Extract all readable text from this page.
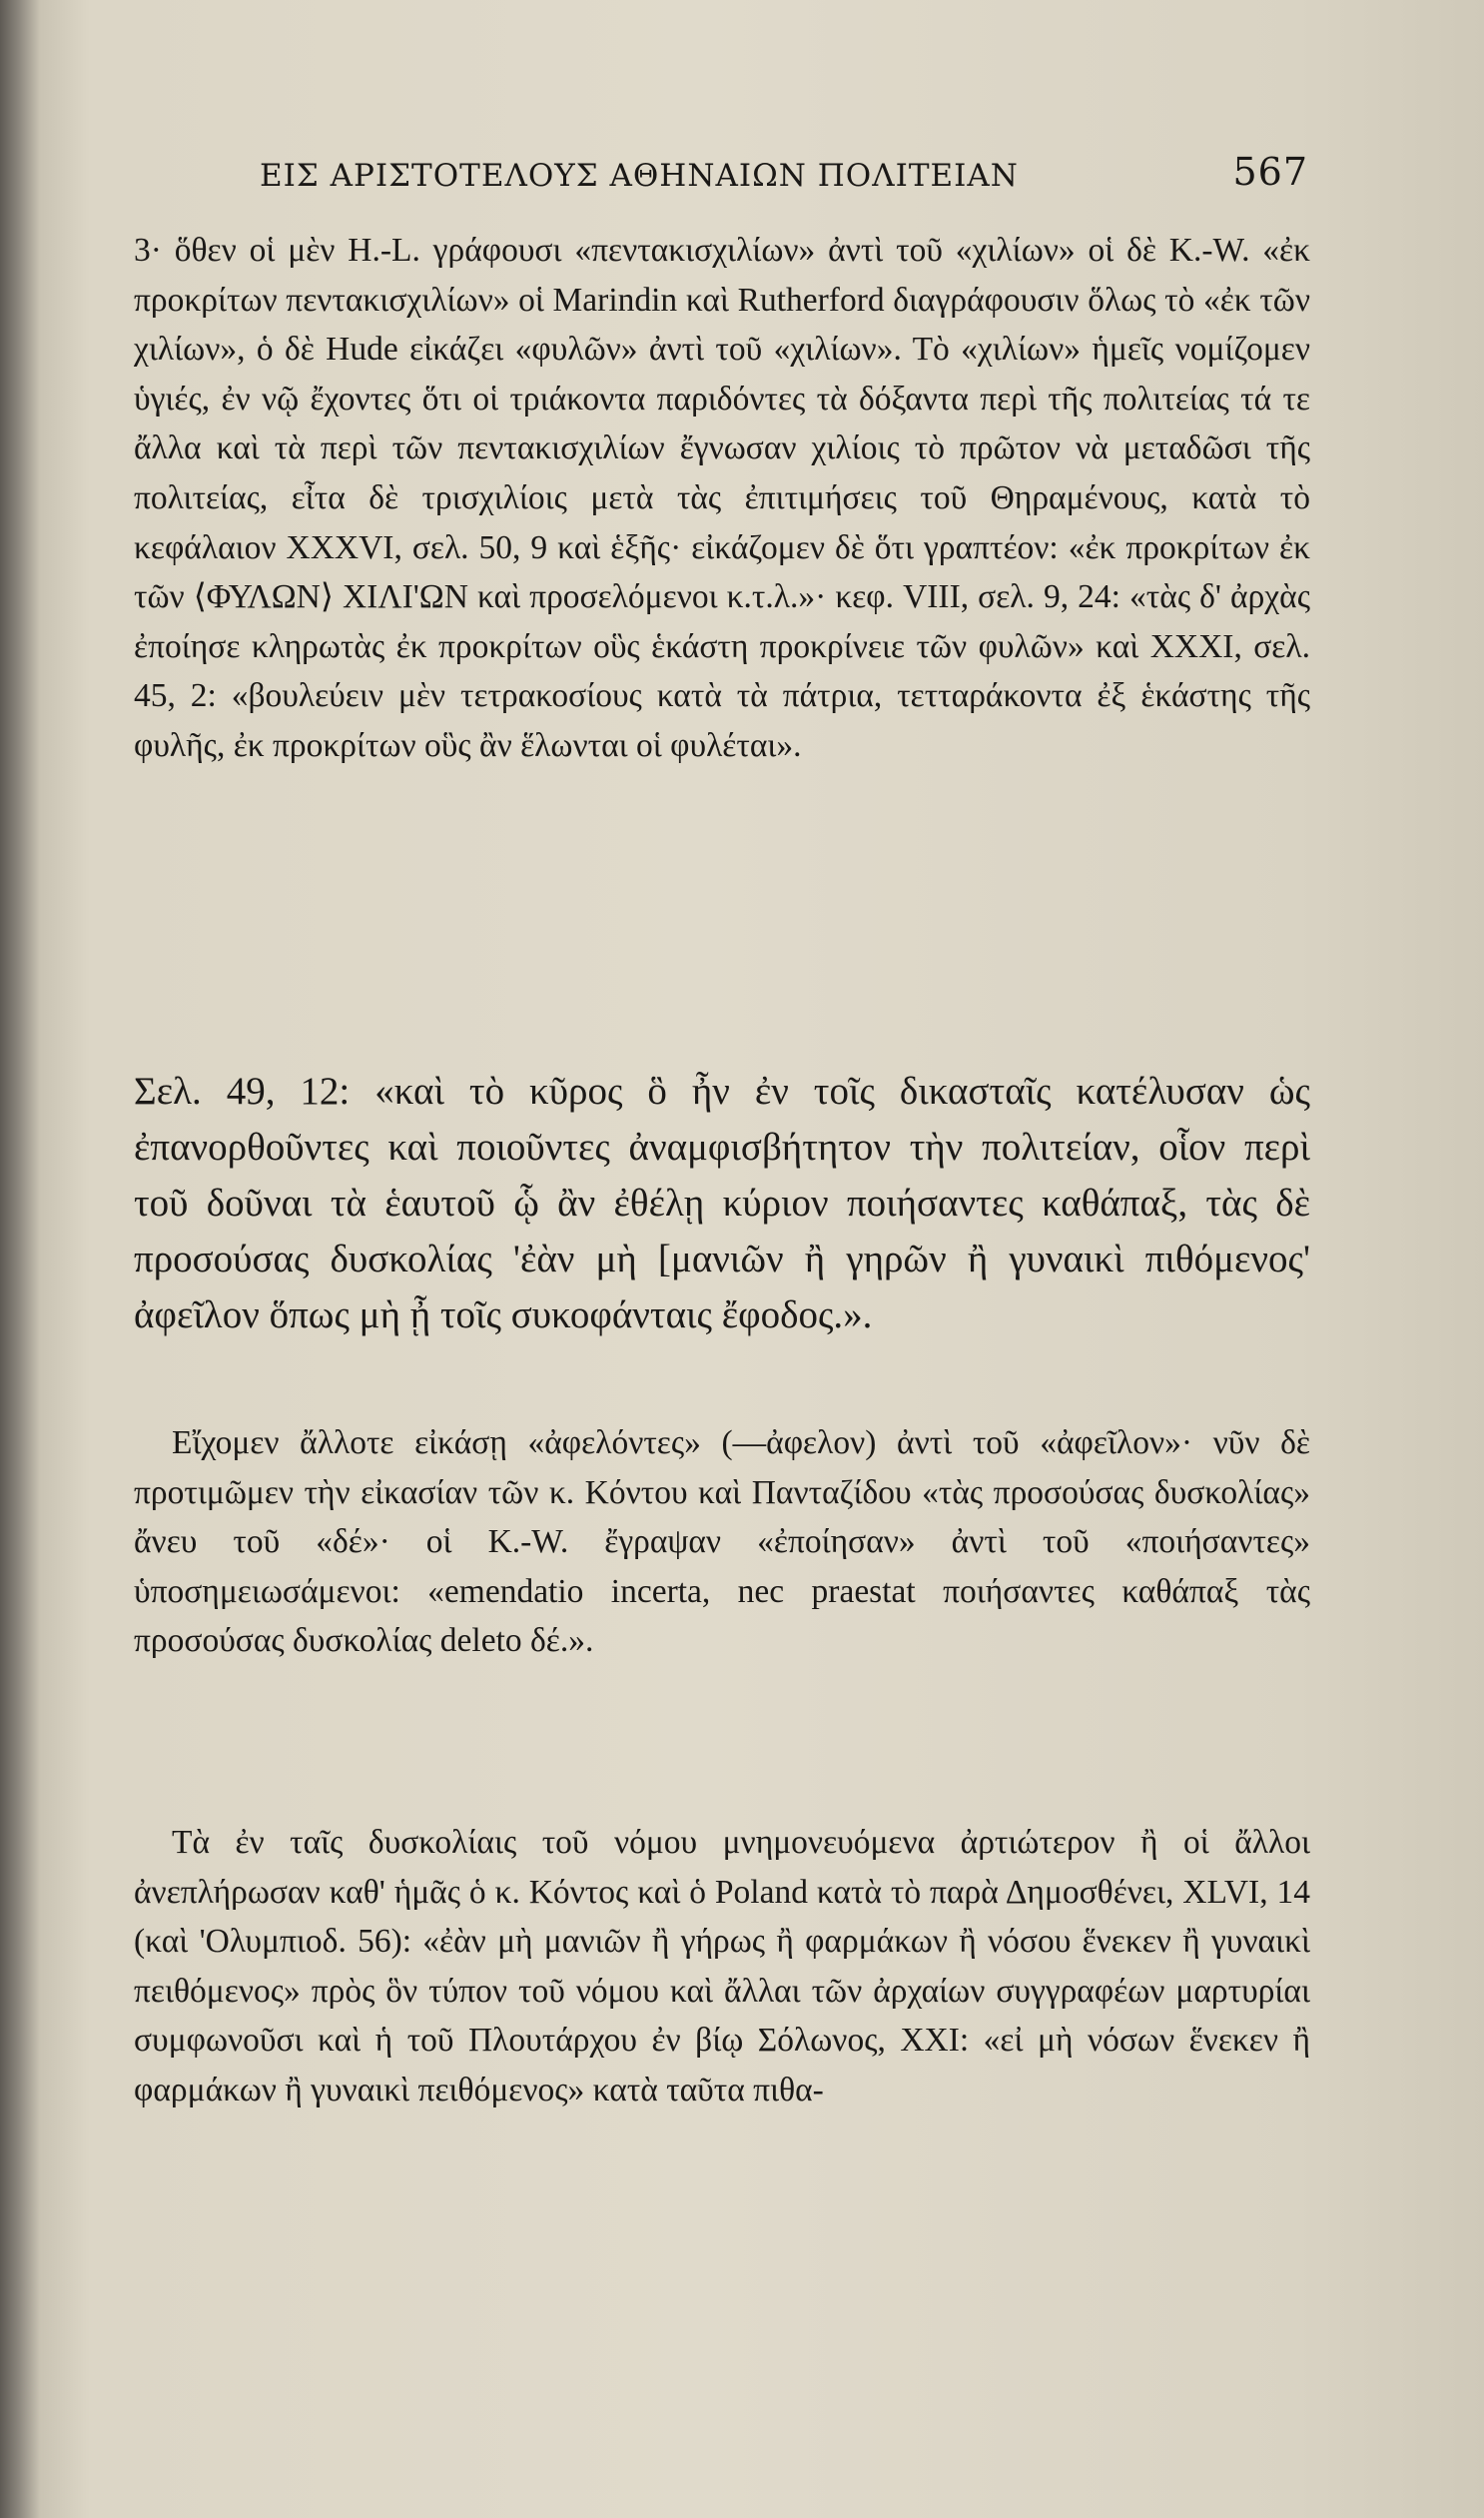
ΕΙΣ ΑΡΙΣΤΟΤΕΛΟΥΣ ΑΘΗΝΑΙΩΝ ΠΟΛΙΤΕΙΑΝ	567

3· ὅθεν οἱ μὲν H.-L. γράφουσι «πεντακισχιλίων» ἀντὶ τοῦ «χιλίων» οἱ δὲ K.-W. «ἐκ προκρίτων πεντακισχιλίων» οἱ Marindin καὶ Rutherford διαγράφουσιν ὅλως τὸ «ἐκ τῶν χιλίων», ὁ δὲ Hude εἰκάζει «φυλῶν» ἀντὶ τοῦ «χιλίων». Τὸ «χιλίων» ἡμεῖς νομίζομεν ὑγιές, ἐν νῷ ἔχοντες ὅτι οἱ τριάκοντα παριδόντες τὰ δόξαντα περὶ τῆς πολιτείας τά τε ἄλλα καὶ τὰ περὶ τῶν πεντακισχιλίων ἔγνωσαν χιλίοις τὸ πρῶτον νὰ μεταδῶσι τῆς πολιτείας, εἶτα δὲ τρισχιλίοις μετὰ τὰς ἐπιτιμήσεις τοῦ Θηραμένους, κατὰ τὸ κεφάλαιον XXXVI, σελ. 50, 9 καὶ ἑξῆς· εἰκάζομεν δὲ ὅτι γραπτέον: «ἐκ προκρίτων ἐκ τῶν ⟨ΦΥΛΩΝ⟩ ΧΙΛΙ'ΩΝ καὶ προσελόμενοι κ.τ.λ.»· κεφ. VIII, σελ. 9, 24: «τὰς δ' ἀρχὰς ἐποίησε κληρωτὰς ἐκ προκρίτων οὓς ἑκάστη προκρίνειε τῶν φυλῶν» καὶ XXXI, σελ. 45, 2: «βουλεύειν μὲν τετρακοσίους κατὰ τὰ πάτρια, τετταράκοντα ἐξ ἑκάστης τῆς φυλῆς, ἐκ προκρίτων οὓς ἂν ἕλωνται οἱ φυλέται».

Σελ. 49, 12: «καὶ τὸ κῦρος ὃ ἦν ἐν τοῖς δικασταῖς κατέλυσαν ὡς ἐπανορθοῦντες καὶ ποιοῦντες ἀναμφισβήτητον τὴν πολιτείαν, οἷον περὶ τοῦ δοῦναι τὰ ἑαυτοῦ ᾧ ἂν ἐθέλῃ κύριον ποιήσαντες καθάπαξ, τὰς δὲ προσούσας δυσκολίας 'ἐὰν μὴ [μανιῶν ἢ γηρῶν ἢ γυναικὶ πιθόμενος' ἀφεῖλον ὅπως μὴ ᾖ τοῖς συκοφάνταις ἔφοδος.».

Εἴχομεν ἄλλοτε εἰκάσῃ «ἀφελόντες» (—ἀφελον) ἀντὶ τοῦ «ἀφεῖλον»· νῦν δὲ προτιμῶμεν τὴν εἰκασίαν τῶν κ. Κόντου καὶ Πανταζίδου «τὰς προσούσας δυσκολίας» ἄνευ τοῦ «δέ»· οἱ K.-W. ἔγραψαν «ἐποίησαν» ἀντὶ τοῦ «ποιήσαντες» ὑποσημειωσάμενοι: «emendatio incerta, nec praestat ποιήσαντες καθάπαξ τὰς προσούσας δυσκολίας deleto δέ.».

Τὰ ἐν ταῖς δυσκολίαις τοῦ νόμου μνημονευόμενα ἀρτιώτερον ἢ οἱ ἄλλοι ἀνεπλήρωσαν καθ' ἡμᾶς ὁ κ. Κόντος καὶ ὁ Poland κατὰ τὸ παρὰ Δημοσθένει, XLVI, 14 (καὶ 'Ολυμπιοδ. 56): «ἐὰν μὴ μανιῶν ἢ γήρως ἢ φαρμάκων ἢ νόσου ἕνεκεν ἢ γυναικὶ πειθόμενος» πρὸς ὃν τύπον τοῦ νόμου καὶ ἄλλαι τῶν ἀρχαίων συγγραφέων μαρτυρίαι συμφωνοῦσι καὶ ἡ τοῦ Πλουτάρχου ἐν βίῳ Σόλωνος, XXI: «εἰ μὴ νόσων ἕνεκεν ἢ φαρμάκων ἢ γυναικὶ πειθόμενος» κατὰ ταῦτα πιθα-
